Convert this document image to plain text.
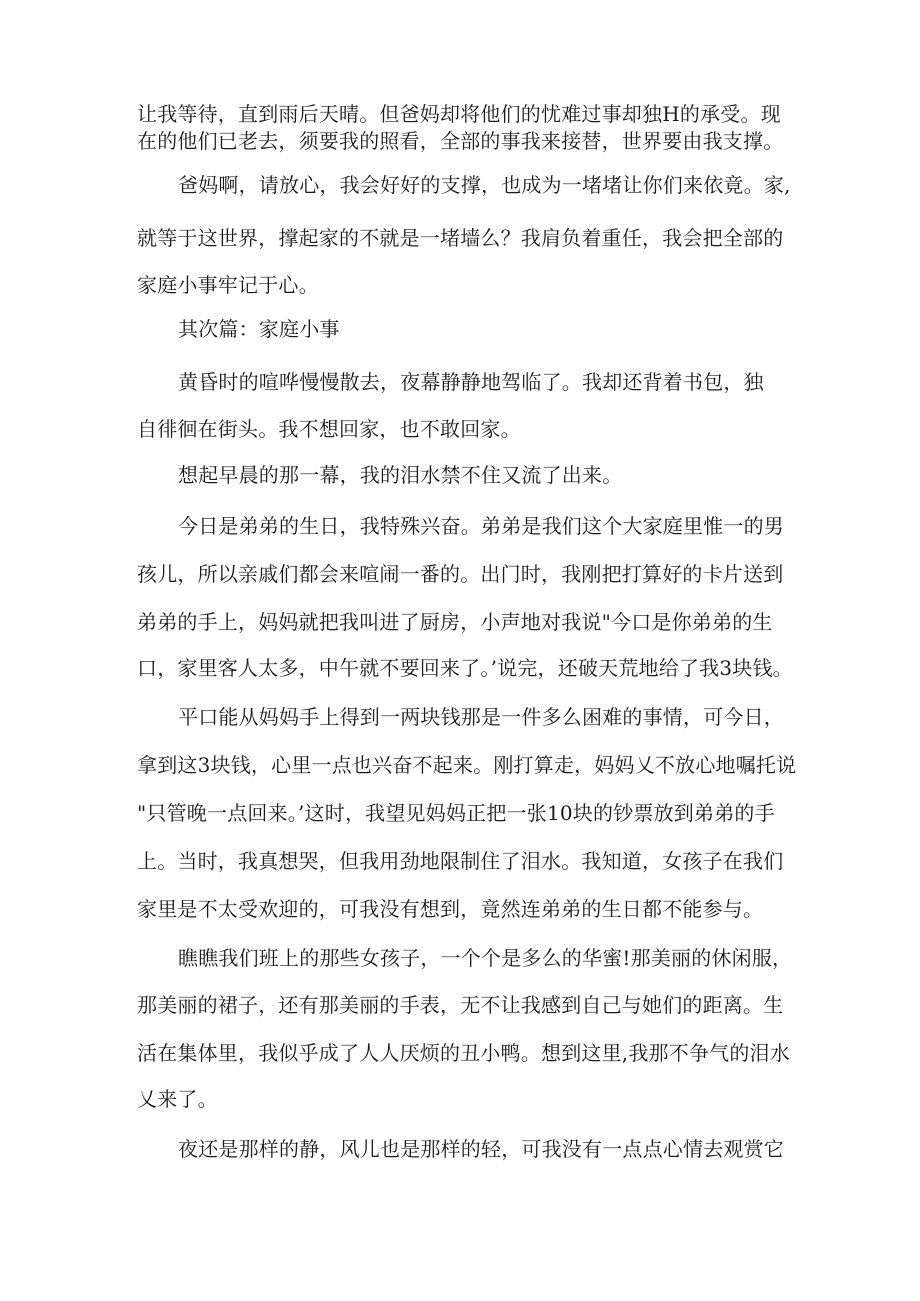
让我等待，直到雨后天晴。但爸妈却将他们的忧难过事却独H的承受。现
在的他们已老去，须要我的照看，全部的事我来接替，世界要由我支撑。
爸妈啊，请放心，我会好好的支撑，也成为一堵堵让你们来依竟。家,
就等于这世界，撑起家的不就是一堵墙么？我肩负着重任，我会把全部的
家庭小事牢记于心。
其次篇：家庭小事
黄昏时的喧哗慢慢散去，夜幕静静地驾临了。我却还背着书包，独
自徘徊在街头。我不想回家，也不敢回家。
想起早晨的那一幕，我的泪水禁不住又流了出来。
今日是弟弟的生日，我特殊兴奋。弟弟是我们这个大家庭里惟一的男
孩儿，所以亲戚们都会来喧闹一番的。出门时，我刚把打算好的卡片送到
弟弟的手上，妈妈就把我叫进了厨房，小声地对我说"今口是你弟弟的生
口，家里客人太多，中午就不要回来了。’说完，还破天荒地给了我3块钱。
平口能从妈妈手上得到一两块钱那是一件多么困难的事情，可今日，
拿到这3块钱，心里一点也兴奋不起来。刚打算走，妈妈乂不放心地嘱托说
"只管晚一点回来。’这时，我望见妈妈正把一张10块的钞票放到弟弟的手
上。当时，我真想哭，但我用劲地限制住了泪水。我知道，女孩子在我们
家里是不太受欢迎的，可我没有想到，竟然连弟弟的生日都不能参与。
瞧瞧我们班上的那些女孩子，一个个是多么的华蜜!那美丽的休闲服，
那美丽的裙子，还有那美丽的手表，无不让我感到自己与她们的距离。生
活在集体里，我似乎成了人人厌烦的丑小鸭。想到这里,我那不争气的泪水
乂来了。
夜还是那样的静，风儿也是那样的轻，可我没有一点点心情去观赏它
